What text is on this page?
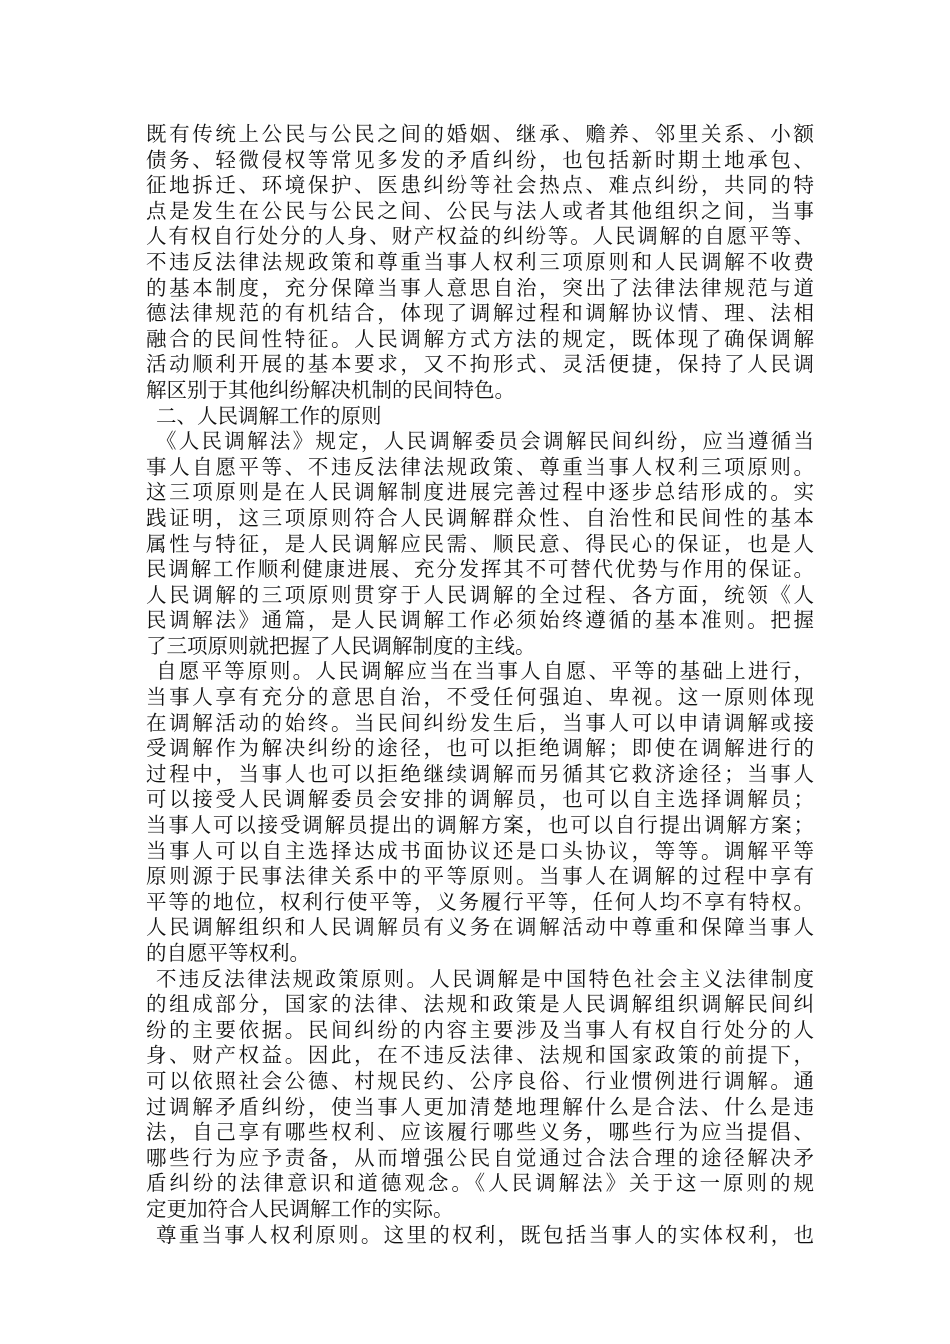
既有传统上公民与公民之间的婚姻、继承、赡养、邻里关系、小额
债务、轻微侵权等常见多发的矛盾纠纷，也包括新时期土地承包、
征地拆迁、环境保护、医患纠纷等社会热点、难点纠纷，共同的特
点是发生在公民与公民之间、公民与法人或者其他组织之间，当事
人有权自行处分的人身、财产权益的纠纷等。人民调解的自愿平等、
不违反法律法规政策和尊重当事人权利三项原则和人民调解不收费
的基本制度，充分保障当事人意思自治，突出了法律法律规范与道
德法律规范的有机结合，体现了调解过程和调解协议情、理、法相
融合的民间性特征。人民调解方式方法的规定，既体现了确保调解
活动顺利开展的基本要求，又不拘形式、灵活便捷，保持了人民调
解区别于其他纠纷解决机制的民间特色。
二、人民调解工作的原则
《人民调解法》规定，人民调解委员会调解民间纠纷，应当遵循当
事人自愿平等、不违反法律法规政策、尊重当事人权利三项原则。
这三项原则是在人民调解制度进展完善过程中逐步总结形成的。实
践证明，这三项原则符合人民调解群众性、自治性和民间性的基本
属性与特征，是人民调解应民需、顺民意、得民心的保证，也是人
民调解工作顺利健康进展、充分发挥其不可替代优势与作用的保证。
人民调解的三项原则贯穿于人民调解的全过程、各方面，统领《人
民调解法》通篇，是人民调解工作必须始终遵循的基本准则。把握
了三项原则就把握了人民调解制度的主线。
自愿平等原则。人民调解应当在当事人自愿、平等的基础上进行，
当事人享有充分的意思自治，不受任何强迫、卑视。这一原则体现
在调解活动的始终。当民间纠纷发生后，当事人可以申请调解或接
受调解作为解决纠纷的途径，也可以拒绝调解；即使在调解进行的
过程中，当事人也可以拒绝继续调解而另循其它救济途径；当事人
可以接受人民调解委员会安排的调解员，也可以自主选择调解员；
当事人可以接受调解员提出的调解方案，也可以自行提出调解方案；
当事人可以自主选择达成书面协议还是口头协议，等等。调解平等
原则源于民事法律关系中的平等原则。当事人在调解的过程中享有
平等的地位，权利行使平等，义务履行平等，任何人均不享有特权。
人民调解组织和人民调解员有义务在调解活动中尊重和保障当事人
的自愿平等权利。
不违反法律法规政策原则。人民调解是中国特色社会主义法律制度
的组成部分，国家的法律、法规和政策是人民调解组织调解民间纠
纷的主要依据。民间纠纷的内容主要涉及当事人有权自行处分的人
身、财产权益。因此，在不违反法律、法规和国家政策的前提下，
可以依照社会公德、村规民约、公序良俗、行业惯例进行调解。通
过调解矛盾纠纷，使当事人更加清楚地理解什么是合法、什么是违
法，自己享有哪些权利、应该履行哪些义务，哪些行为应当提倡、
哪些行为应予责备，从而增强公民自觉通过合法合理的途径解决矛
盾纠纷的法律意识和道德观念。《人民调解法》关于这一原则的规
定更加符合人民调解工作的实际。
尊重当事人权利原则。这里的权利，既包括当事人的实体权利，也
